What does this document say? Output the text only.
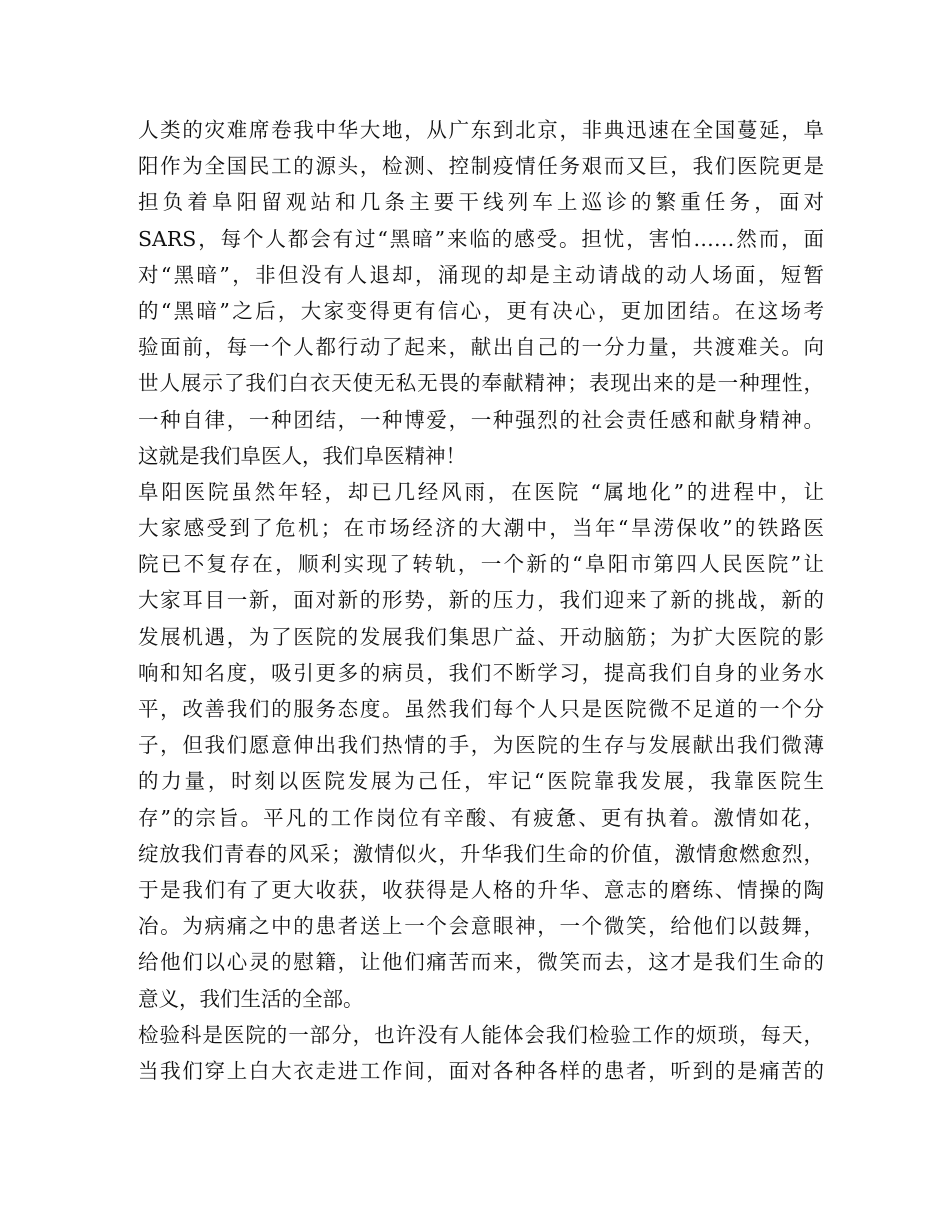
人类的灾难席卷我中华大地，从广东到北京，非典迅速在全国蔓延，阜
阳作为全国民工的源头，检测、控制疫情任务艰而又巨，我们医院更是
担负着阜阳留观站和几条主要干线列车上巡诊的繁重任务，面对
SARS，每个人都会有过“黑暗”来临的感受。担忧，害怕……然而，面
对“黑暗”，非但没有人退却，涌现的却是主动请战的动人场面，短暂
的“黑暗”之后，大家变得更有信心，更有决心，更加团结。在这场考
验面前，每一个人都行动了起来，献出自己的一分力量，共渡难关。向
世人展示了我们白衣天使无私无畏的奉献精神；表现出来的是一种理性，
一种自律，一种团结，一种博爱，一种强烈的社会责任感和献身精神。
这就是我们阜医人，我们阜医精神！
阜阳医院虽然年轻，却已几经风雨，在医院 “属地化”的进程中，让
大家感受到了危机；在市场经济的大潮中，当年“旱涝保收”的铁路医
院已不复存在，顺利实现了转轨，一个新的“阜阳市第四人民医院”让
大家耳目一新，面对新的形势，新的压力，我们迎来了新的挑战，新的
发展机遇，为了医院的发展我们集思广益、开动脑筋；为扩大医院的影
响和知名度，吸引更多的病员，我们不断学习，提高我们自身的业务水
平，改善我们的服务态度。虽然我们每个人只是医院微不足道的一个分
子，但我们愿意伸出我们热情的手，为医院的生存与发展献出我们微薄
的力量，时刻以医院发展为己任，牢记“医院靠我发展，我靠医院生
存”的宗旨。平凡的工作岗位有辛酸、有疲惫、更有执着。激情如花，
绽放我们青春的风采；激情似火，升华我们生命的价值，激情愈燃愈烈，
于是我们有了更大收获，收获得是人格的升华、意志的磨练、情操的陶
冶。为病痛之中的患者送上一个会意眼神，一个微笑，给他们以鼓舞，
给他们以心灵的慰籍，让他们痛苦而来，微笑而去，这才是我们生命的
意义，我们生活的全部。
检验科是医院的一部分，也许没有人能体会我们检验工作的烦琐，每天，
当我们穿上白大衣走进工作间，面对各种各样的患者，听到的是痛苦的
